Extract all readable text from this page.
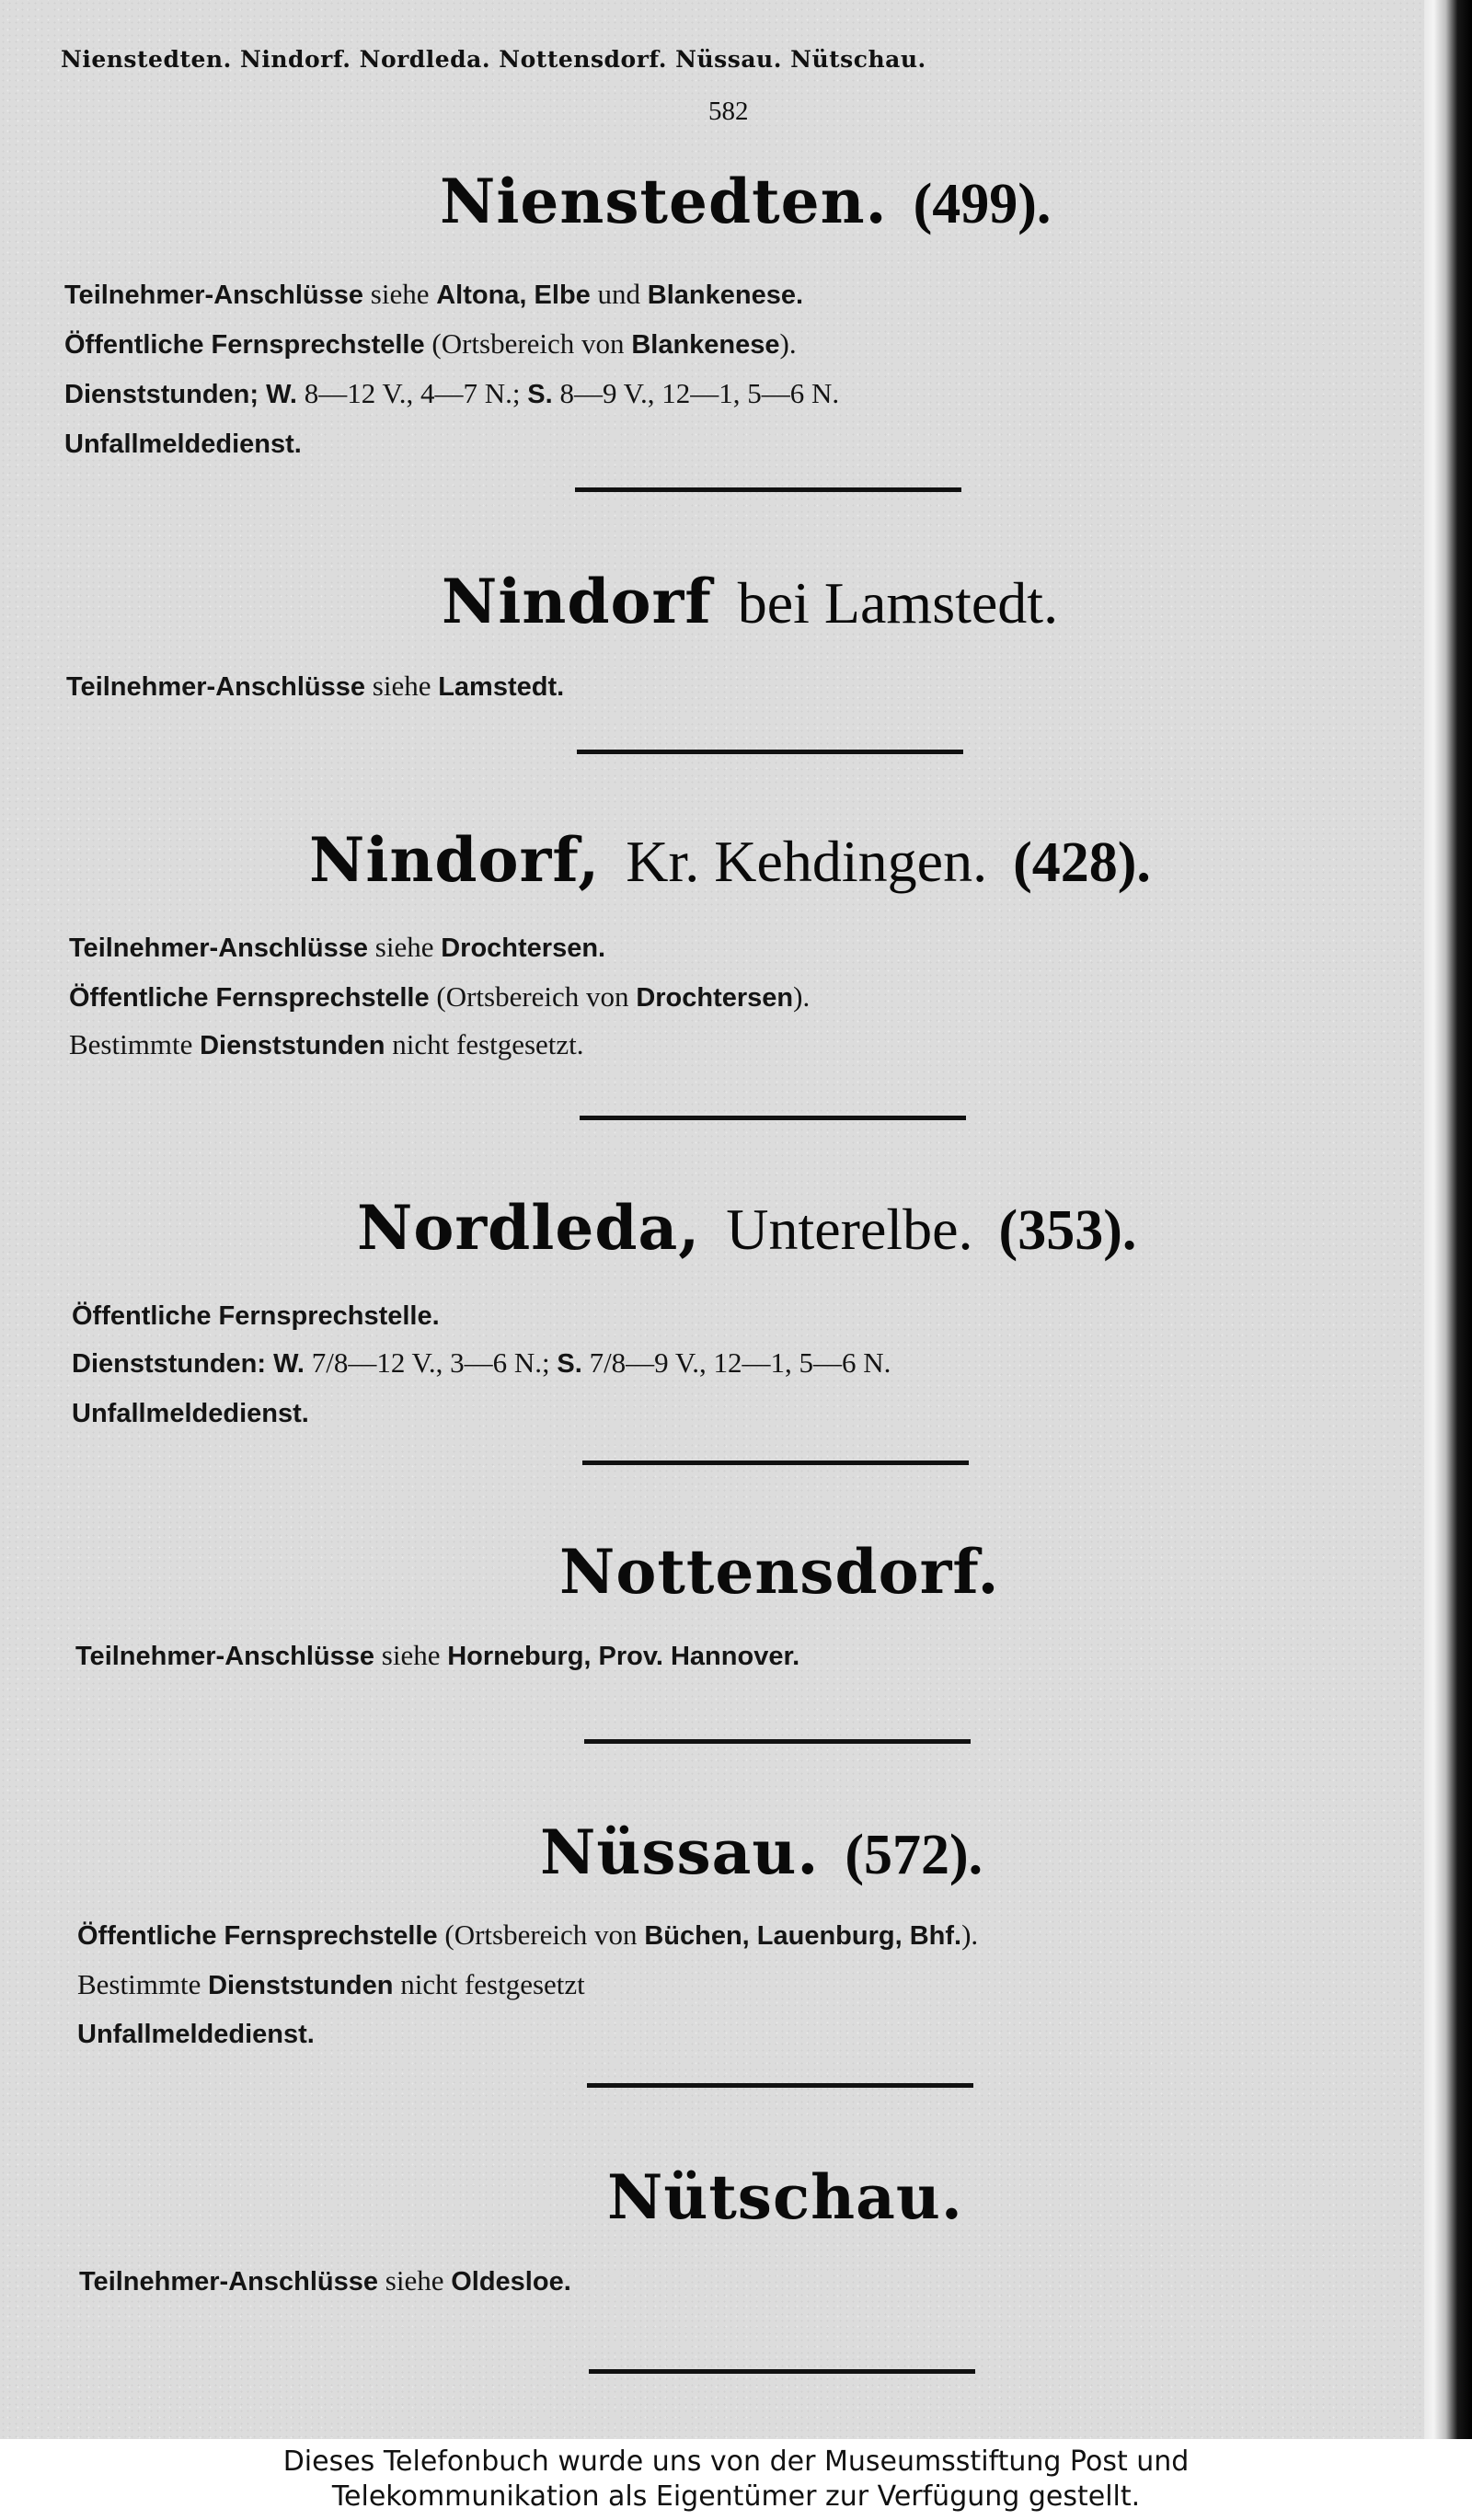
Nienstedten. Nindorf. Nordleda. Nottensdorf. Nüssau. Nütschau.
582
Nienstedten. (499).
Teilnehmer-Anschlüsse siehe Altona, Elbe und Blankenese.
Öffentliche Fernsprechstelle (Ortsbereich von Blankenese).
Dienststunden; W. 8—12 V., 4—7 N.; S. 8—9 V., 12—1, 5—6 N.
Unfallmeldedienst.
Nindorf bei Lamstedt.
Teilnehmer-Anschlüsse siehe Lamstedt.
Nindorf, Kr. Kehdingen. (428).
Teilnehmer-Anschlüsse siehe Drochtersen.
Öffentliche Fernsprechstelle (Ortsbereich von Drochtersen).
Bestimmte Dienststunden nicht festgesetzt.
Nordleda, Unterelbe. (353).
Öffentliche Fernsprechstelle.
Dienststunden: W. 7/8—12 V., 3—6 N.; S. 7/8—9 V., 12—1, 5—6 N.
Unfallmeldedienst.
Nottensdorf.
Teilnehmer-Anschlüsse siehe Horneburg, Prov. Hannover.
Nüssau. (572).
Öffentliche Fernsprechstelle (Ortsbereich von Büchen, Lauenburg, Bhf.).
Bestimmte Dienststunden nicht festgesetzt
Unfallmeldedienst.
Nütschau.
Teilnehmer-Anschlüsse siehe Oldesloe.
Dieses Telefonbuch wurde uns von der Museumsstiftung Post und
Telekommunikation als Eigentümer zur Verfügung gestellt.
